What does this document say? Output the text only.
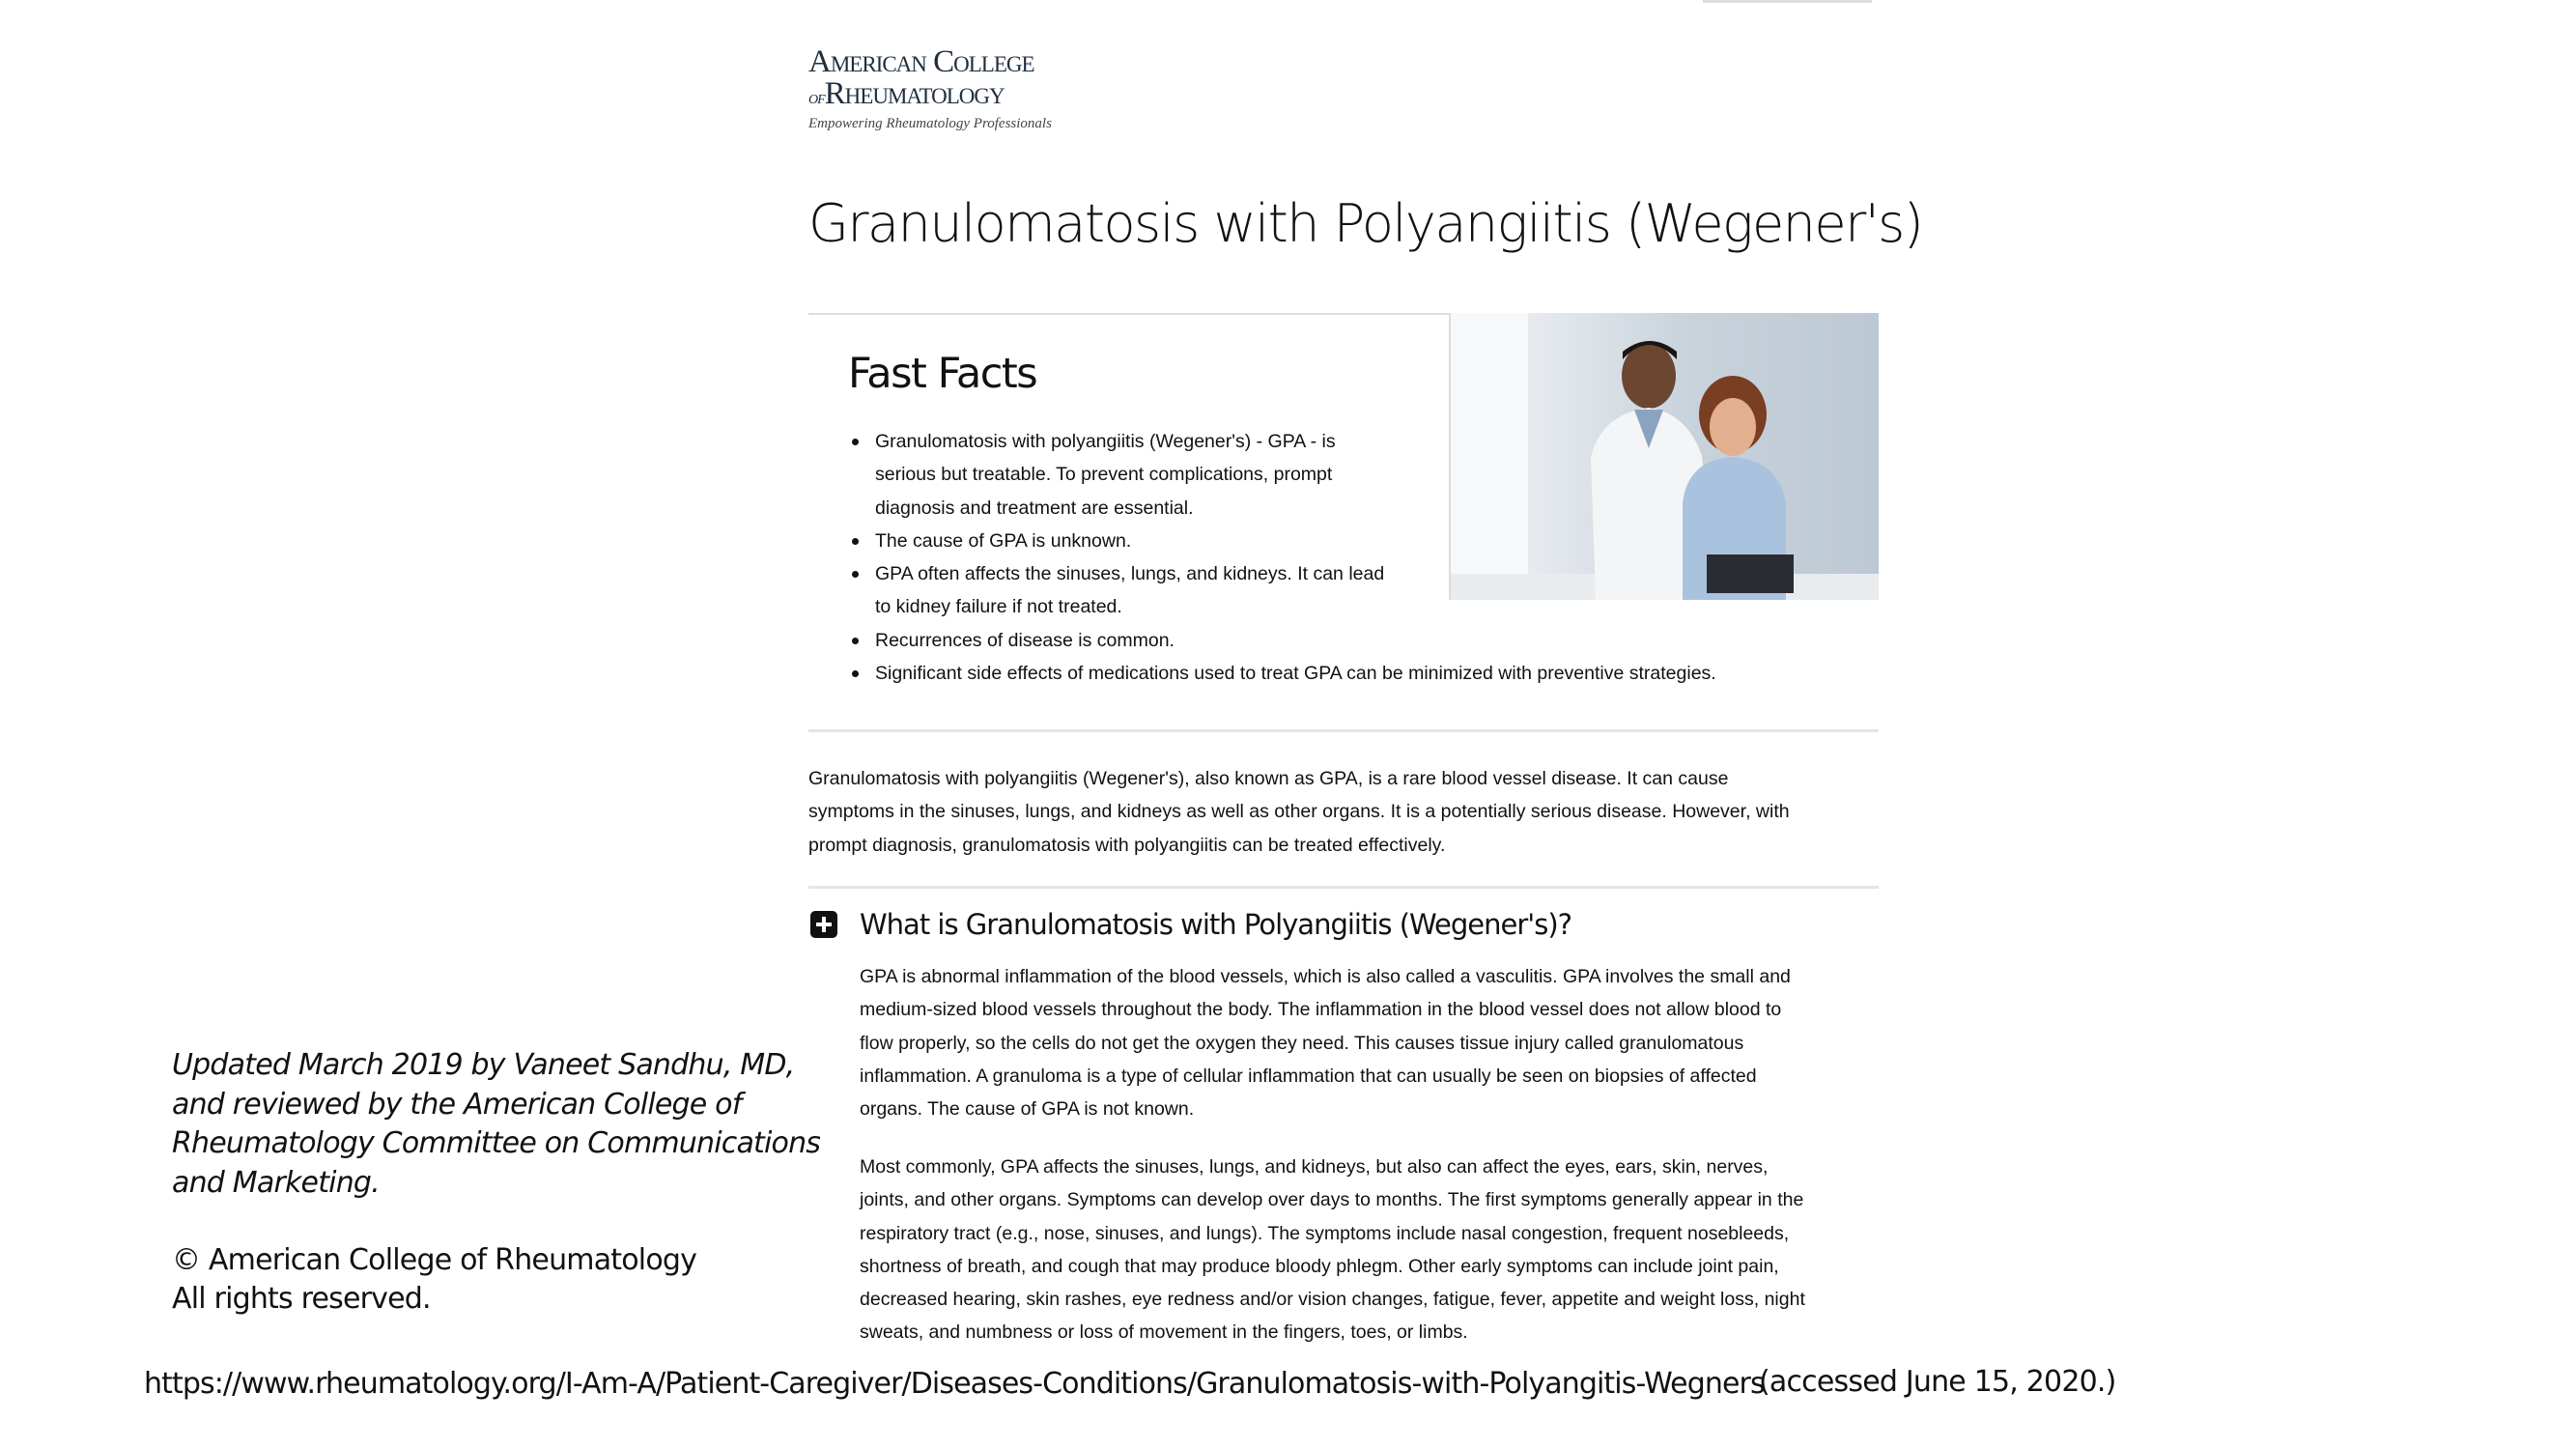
American College
ofRheumatology
Empowering Rheumatology Professionals
Granulomatosis with Polyangiitis (Wegener's)
Fast Facts
Granulomatosis with polyangiitis (Wegener's) - GPA - is
serious but treatable. To prevent complications, prompt
diagnosis and treatment are essential.
The cause of GPA is unknown.
GPA often affects the sinuses, lungs, and kidneys. It can lead
to kidney failure if not treated.
Recurrences of disease is common.
Significant side effects of medications used to treat GPA can be minimized with preventive strategies.
Granulomatosis with polyangiitis (Wegener's), also known as GPA, is a rare blood vessel disease. It can cause
symptoms in the sinuses, lungs, and kidneys as well as other organs. It is a potentially serious disease. However, with
prompt diagnosis, granulomatosis with polyangiitis can be treated effectively.
What is Granulomatosis with Polyangiitis (Wegener's)?
GPA is abnormal inflammation of the blood vessels, which is also called a vasculitis. GPA involves the small and
medium-sized blood vessels throughout the body. The inflammation in the blood vessel does not allow blood to
flow properly, so the cells do not get the oxygen they need. This causes tissue injury called granulomatous
inflammation. A granuloma is a type of cellular inflammation that can usually be seen on biopsies of affected
organs. The cause of GPA is not known.
Most commonly, GPA affects the sinuses, lungs, and kidneys, but also can affect the eyes, ears, skin, nerves,
joints, and other organs. Symptoms can develop over days to months. The first symptoms generally appear in the
respiratory tract (e.g., nose, sinuses, and lungs). The symptoms include nasal congestion, frequent nosebleeds,
shortness of breath, and cough that may produce bloody phlegm. Other early symptoms can include joint pain,
decreased hearing, skin rashes, eye redness and/or vision changes, fatigue, fever, appetite and weight loss, night
sweats, and numbness or loss of movement in the fingers, toes, or limbs.
Updated March 2019 by Vaneet Sandhu, MD,
and reviewed by the American College of
Rheumatology Committee on Communications
and Marketing.
© American College of Rheumatology
All rights reserved.
https://www.rheumatology.org/I-Am-A/Patient-Caregiver/Diseases-Conditions/Granulomatosis-with-Polyangitis-Wegners
(accessed June 15, 2020.)
